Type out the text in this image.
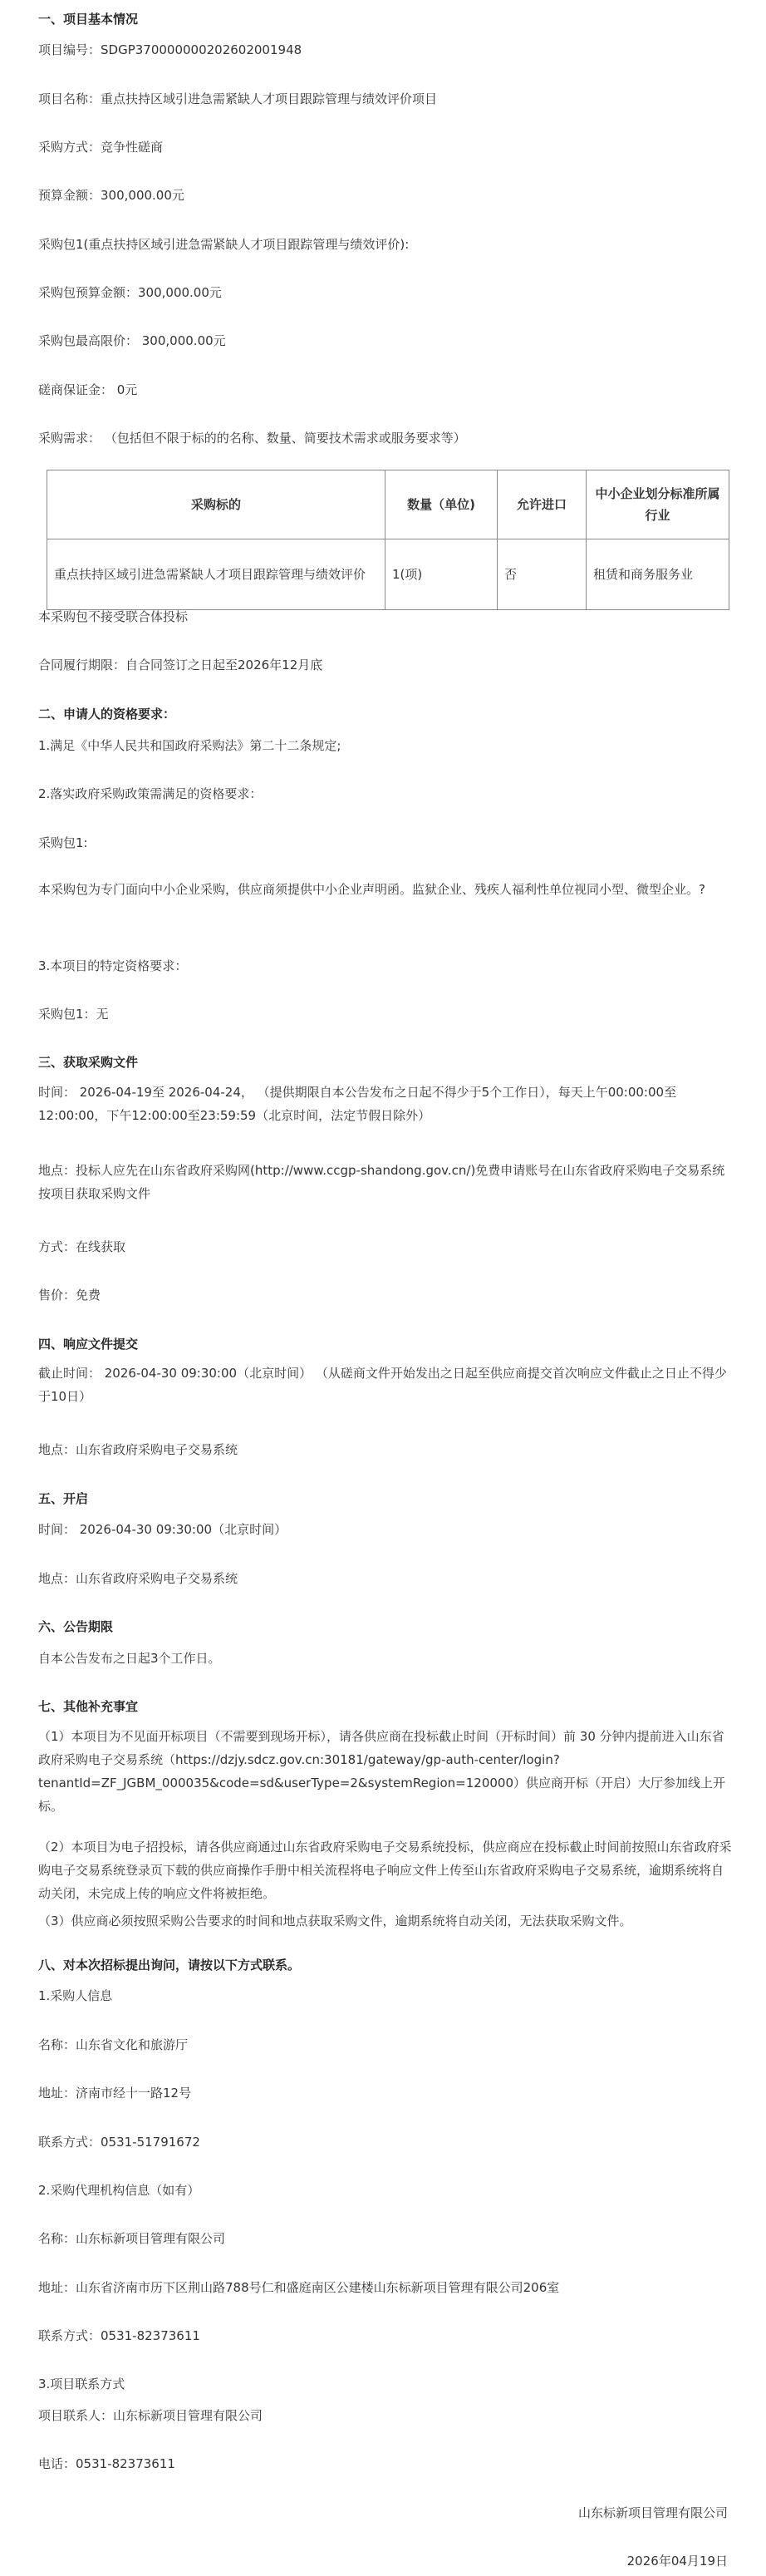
一、项目基本情况
项目编号：SDGP370000000202602001948
项目名称：重点扶持区域引进急需紧缺人才项目跟踪管理与绩效评价项目
采购方式：竞争性磋商
预算金额：300,000.00元
采购包1(重点扶持区域引进急需紧缺人才项目跟踪管理与绩效评价):
采购包预算金额：300,000.00元
采购包最高限价： 300,000.00元
磋商保证金： 0元
采购需求： （包括但不限于标的的名称、数量、简要技术需求或服务要求等）
采购标的	数量（单位)	允许进口	中小企业划分标准所属行业
重点扶持区域引进急需紧缺人才项目跟踪管理与绩效评价	1(项)	否	租赁和商务服务业
本采购包不接受联合体投标
合同履行期限：自合同签订之日起至2026年12月底
二、申请人的资格要求：
1.满足《中华人民共和国政府采购法》第二十二条规定;
2.落实政府采购政策需满足的资格要求：
采购包1:
本采购包为专门面向中小企业采购，供应商须提供中小企业声明函。监狱企业、残疾人福利性单位视同小型、微型企业。?
3.本项目的特定资格要求：
采购包1：无
三、获取采购文件
时间： 2026-04-19至 2026-04-24， （提供期限自本公告发布之日起不得少于5个工作日），每天上午00:00:00至12:00:00，下午12:00:00至23:59:59（北京时间，法定节假日除外）
地点：投标人应先在山东省政府采购网(http://www.ccgp-shandong.gov.cn/)免费申请账号在山东省政府采购电子交易系统按项目获取采购文件
方式：在线获取
售价：免费
四、响应文件提交
截止时间： 2026-04-30 09:30:00（北京时间） （从磋商文件开始发出之日起至供应商提交首次响应文件截止之日止不得少于10日）
地点：山东省政府采购电子交易系统
五、开启
时间： 2026-04-30 09:30:00（北京时间）
地点：山东省政府采购电子交易系统
六、公告期限
自本公告发布之日起3个工作日。
七、其他补充事宜
（1）本项目为不见面开标项目（不需要到现场开标），请各供应商在投标截止时间（开标时间）前 30 分钟内提前进入山东省政府采购电子交易系统（https://dzjy.sdcz.gov.cn:30181/gateway/gp-auth-center/login?tenantId=ZF_JGBM_000035&code=sd&userType=2&systemRegion=120000）供应商开标（开启）大厅参加线上开标。
（2）本项目为电子招投标，请各供应商通过山东省政府采购电子交易系统投标，供应商应在投标截止时间前按照山东省政府采购电子交易系统登录页下载的供应商操作手册中相关流程将电子响应文件上传至山东省政府采购电子交易系统，逾期系统将自动关闭，未完成上传的响应文件将被拒绝。
（3）供应商必须按照采购公告要求的时间和地点获取采购文件，逾期系统将自动关闭，无法获取采购文件。
八、对本次招标提出询问，请按以下方式联系。
1.采购人信息
名称：山东省文化和旅游厅
地址：济南市经十一路12号
联系方式：0531-51791672
2.采购代理机构信息（如有）
名称：山东标新项目管理有限公司
地址：山东省济南市历下区荆山路788号仁和盛庭南区公建楼山东标新项目管理有限公司206室
联系方式：0531-82373611
3.项目联系方式
项目联系人：山东标新项目管理有限公司
电话：0531-82373611
山东标新项目管理有限公司
2026年04月19日
